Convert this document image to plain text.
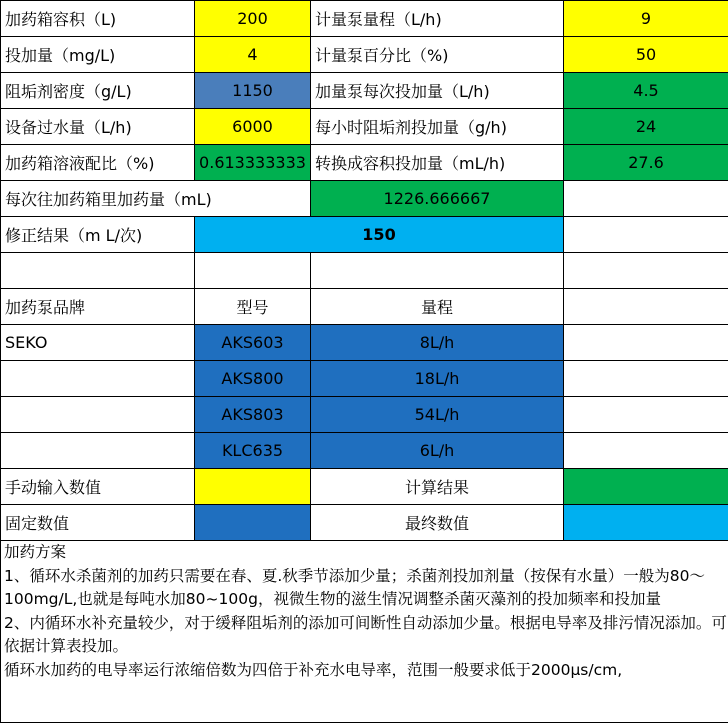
加药箱容积（L)	200	计量泵量程（L/h)	9
投加量（mg/L)	4	计量泵百分比（%)	50
阻垢剂密度（g/L)	1150	加量泵每次投加量（L/h)	4.5
设备过水量（L/h)	6000	每小时阻垢剂投加量（g/h)	24
加药箱溶液配比（%)	0.613333333	转换成容积投加量（mL/h)	27.6
每次往加药箱里加药量（mL)		1226.666667	
修正结果（m L/次)	150		

加药泵品牌	型号	量程	
SEKO	AKS603	8L/h	
	AKS800	18L/h	
	AKS803	54L/h	
	KLC635	6L/h	
手动输入数值		计算结果	
固定数值		最终数值	
加药方案
1、循环水杀菌剂的加药只需要在春、夏.秋季节添加少量；杀菌剂投加剂量（按保有水量）一般为80～100mg/L,也就是每吨水加80~100g，视微生物的滋生情况调整杀菌灭藻剂的投加频率和投加量
2、内循环水补充量较少，对于缓释阻垢剂的添加可间断性自动添加少量。根据电导率及排污情况添加。可依据计算表投加。
循环水加药的电导率运行浓缩倍数为四倍于补充水电导率，范围一般要求低于2000μs/cm,
